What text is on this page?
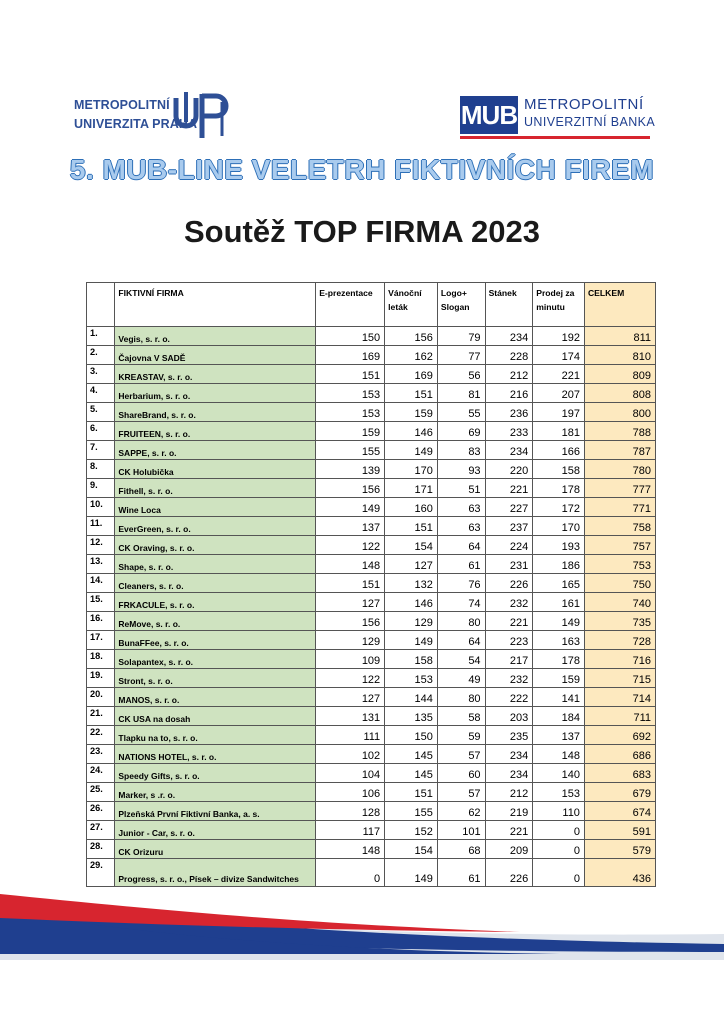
METROPOLITNÍ
UNIVERZITA PRAHA	MUB METROPOLITNÍ
UNIVERZITNÍ BANKA
5. MUB-LINE VELETRH FIKTIVNÍCH FIREM
Soutěž TOP FIRMA 2023
	FIKTIVNÍ FIRMA	E-prezentace	Vánoční leták	Logo+ Slogan	Stánek	Prodej za minutu	CELKEM
1.	Vegis, s. r. o.	150	156	79	234	192	811
2.	Čajovna V SADĚ	169	162	77	228	174	810
3.	KREASTAV, s. r. o.	151	169	56	212	221	809
4.	Herbarium, s. r. o.	153	151	81	216	207	808
5.	ShareBrand, s. r. o.	153	159	55	236	197	800
6.	FRUITEEN, s. r. o.	159	146	69	233	181	788
7.	SAPPE, s. r. o.	155	149	83	234	166	787
8.	CK Holubička	139	170	93	220	158	780
9.	Fithell, s. r. o.	156	171	51	221	178	777
10.	Wine Loca	149	160	63	227	172	771
11.	EverGreen, s. r. o.	137	151	63	237	170	758
12.	CK Oraving, s. r. o.	122	154	64	224	193	757
13.	Shape, s. r. o.	148	127	61	231	186	753
14.	Cleaners, s. r. o.	151	132	76	226	165	750
15.	FRKACULE, s. r. o.	127	146	74	232	161	740
16.	ReMove, s. r. o.	156	129	80	221	149	735
17.	BunaFFee, s. r. o.	129	149	64	223	163	728
18.	Solapantex, s. r. o.	109	158	54	217	178	716
19.	Stront, s. r. o.	122	153	49	232	159	715
20.	MANOS, s. r. o.	127	144	80	222	141	714
21.	CK USA na dosah	131	135	58	203	184	711
22.	Tlapku na to, s. r. o.	111	150	59	235	137	692
23.	NATIONS HOTEL, s. r. o.	102	145	57	234	148	686
24.	Speedy Gifts, s. r. o.	104	145	60	234	140	683
25.	Marker, s .r. o.	106	151	57	212	153	679
26.	Plzeňská První Fiktivní Banka, a. s.	128	155	62	219	110	674
27.	Junior - Car, s. r. o.	117	152	101	221	0	591
28.	CK Orizuru	148	154	68	209	0	579
29.	Progress, s. r. o., Písek – divize Sandwitches	0	149	61	226	0	436
